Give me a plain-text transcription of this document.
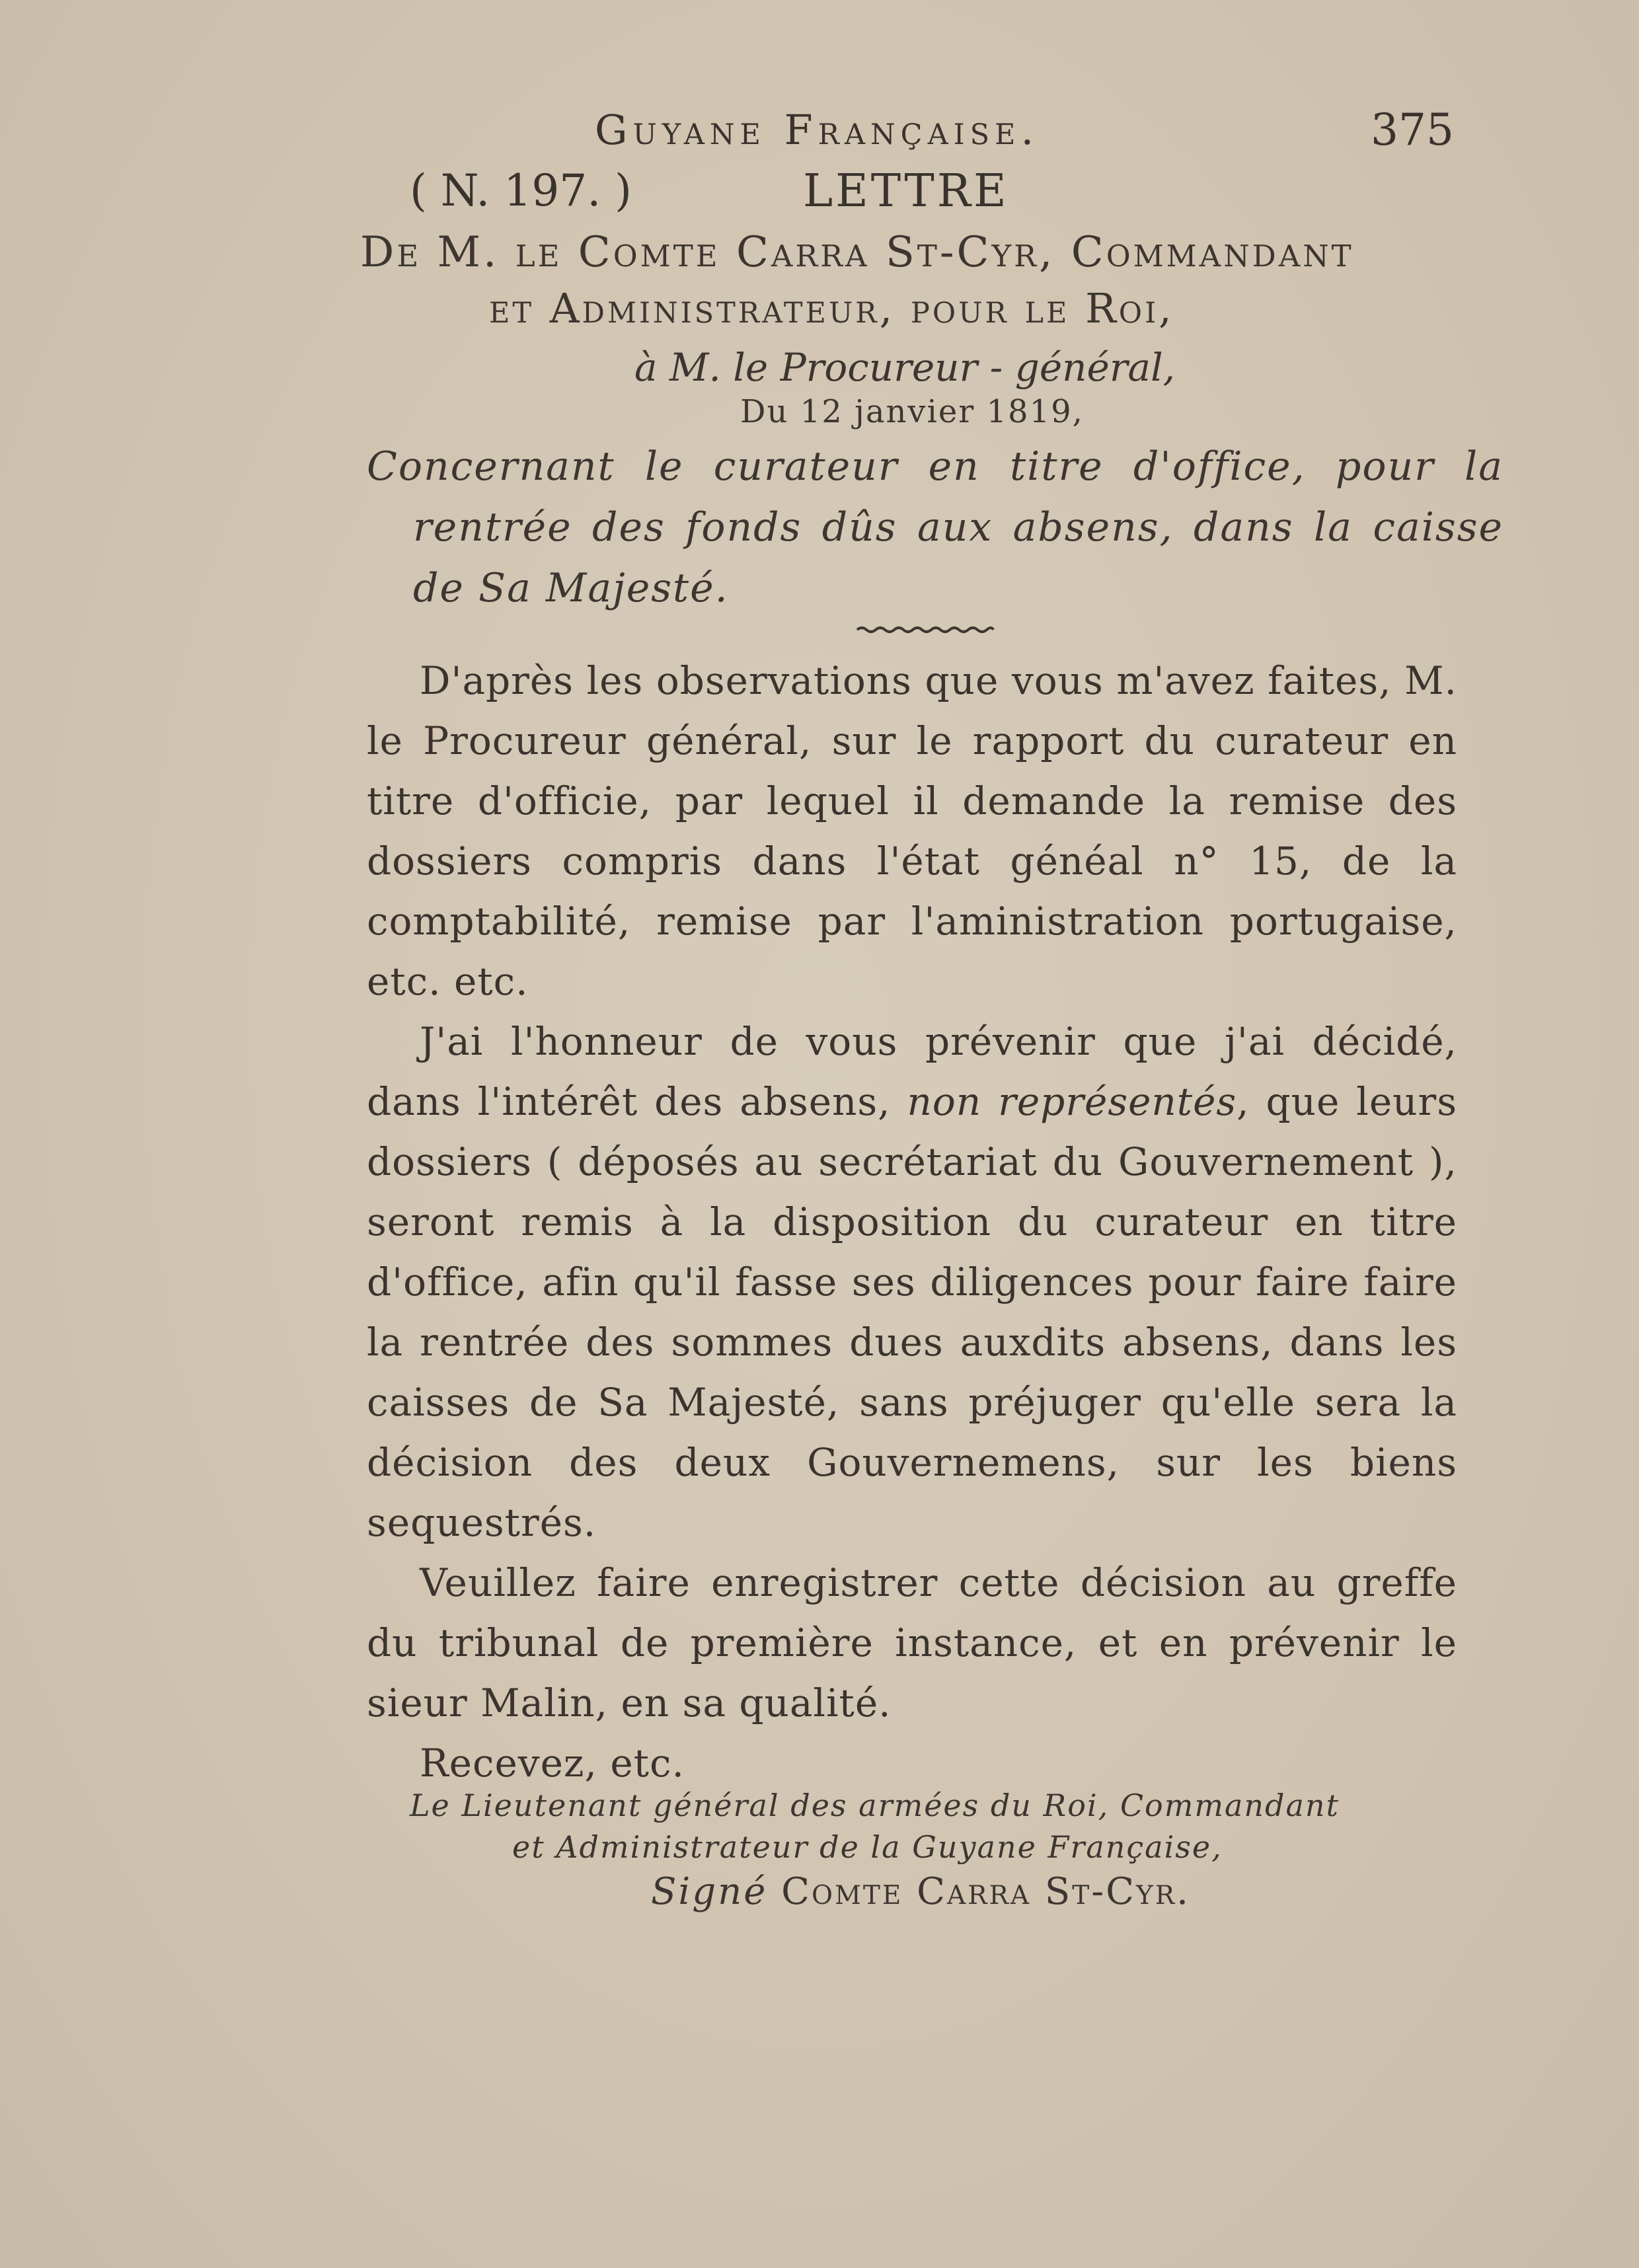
Guyane Française.	375
( N. 197. )	LETTRE
De M. le Comte Carra St-Cyr, Commandant
et Administrateur, pour le Roi,
à M. le Procureur - général,
Du 12 janvier 1819,
Concernant le curateur en titre d'office, pour la rentrée des fonds dûs aux absens, dans la caisse de Sa Majesté.

D'après les observations que vous m'avez faites, M. le Procureur général, sur le rapport du curateur en titre d'officie, par lequel il demande la remise des dossiers compris dans l'état généal n° 15, de la comptabilité, remise par l'aministration portugaise, etc. etc.

J'ai l'honneur de vous prévenir que j'ai décidé, dans l'intérêt des absens, non représentés, que leurs dossiers ( déposés au secrétariat du Gouvernement ), seront remis à la disposition du curateur en titre d'office, afin qu'il fasse ses diligences pour faire faire la rentrée des sommes dues auxdits absens, dans les caisses de Sa Majesté, sans préjuger qu'elle sera la décision des deux Gouvernemens, sur les biens sequestrés.

Veuillez faire enregistrer cette décision au greffe du tribunal de première instance, et en prévenir le sieur Malin, en sa qualité.

Recevez, etc.

Le Lieutenant général des armées du Roi, Commandant
et Administrateur de la Guyane Française,
Signé Comte Carra St-Cyr.
